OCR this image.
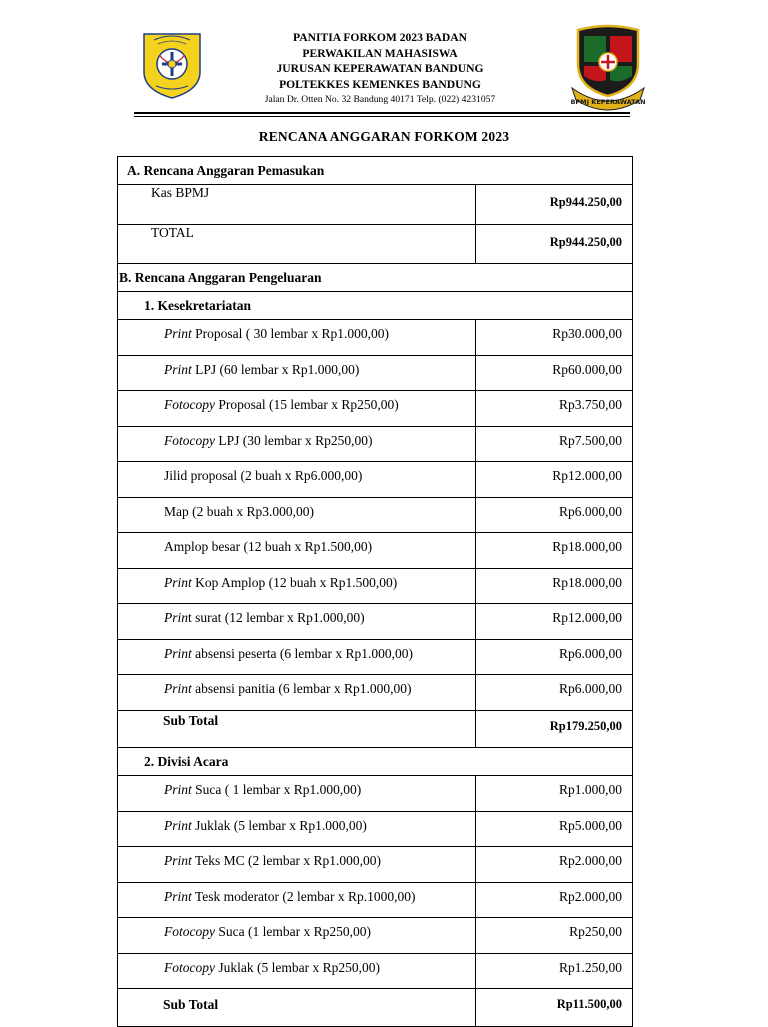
PANITIA FORKOM 2023 BADAN
PERWAKILAN MAHASISWA
JURUSAN KEPERAWATAN BANDUNG
POLTEKKES KEMENKES BANDUNG
Jalan Dr. Otten No. 32 Bandung 40171 Telp. (022) 4231057	BPMJ KEPERAWATAN
RENCANA ANGGARAN FORKOM 2023
A. Rencana Anggaran Pemasukan	
Kas BPMJ	Rp944.250,00
TOTAL	Rp944.250,00
B. Rencana Anggaran Pengeluaran	
1. Kesekretariatan	
Print Proposal ( 30 lembar x Rp1.000,00)	Rp30.000,00
Print LPJ (60 lembar x Rp1.000,00)	Rp60.000,00
Fotocopy Proposal (15 lembar x Rp250,00)	Rp3.750,00
Fotocopy LPJ (30 lembar x Rp250,00)	Rp7.500,00
Jilid proposal (2 buah x Rp6.000,00)	Rp12.000,00
Map (2 buah x Rp3.000,00)	Rp6.000,00
Amplop besar (12 buah x Rp1.500,00)	Rp18.000,00
Print Kop Amplop (12 buah x Rp1.500,00)	Rp18.000,00
Print surat (12 lembar x Rp1.000,00)	Rp12.000,00
Print absensi peserta (6 lembar x Rp1.000,00)	Rp6.000,00
Print absensi panitia (6 lembar x Rp1.000,00)	Rp6.000,00
Sub Total	Rp179.250,00
2. Divisi Acara	
Print Suca ( 1 lembar x Rp1.000,00)	Rp1.000,00
Print Juklak (5 lembar x Rp1.000,00)	Rp5.000,00
Print Teks MC (2 lembar x Rp1.000,00)	Rp2.000,00
Print Tesk moderator (2 lembar x Rp.1000,00)	Rp2.000,00
Fotocopy Suca (1 lembar x Rp250,00)	Rp250,00
Fotocopy Juklak (5 lembar x Rp250,00)	Rp1.250,00
Sub Total	Rp11.500,00
